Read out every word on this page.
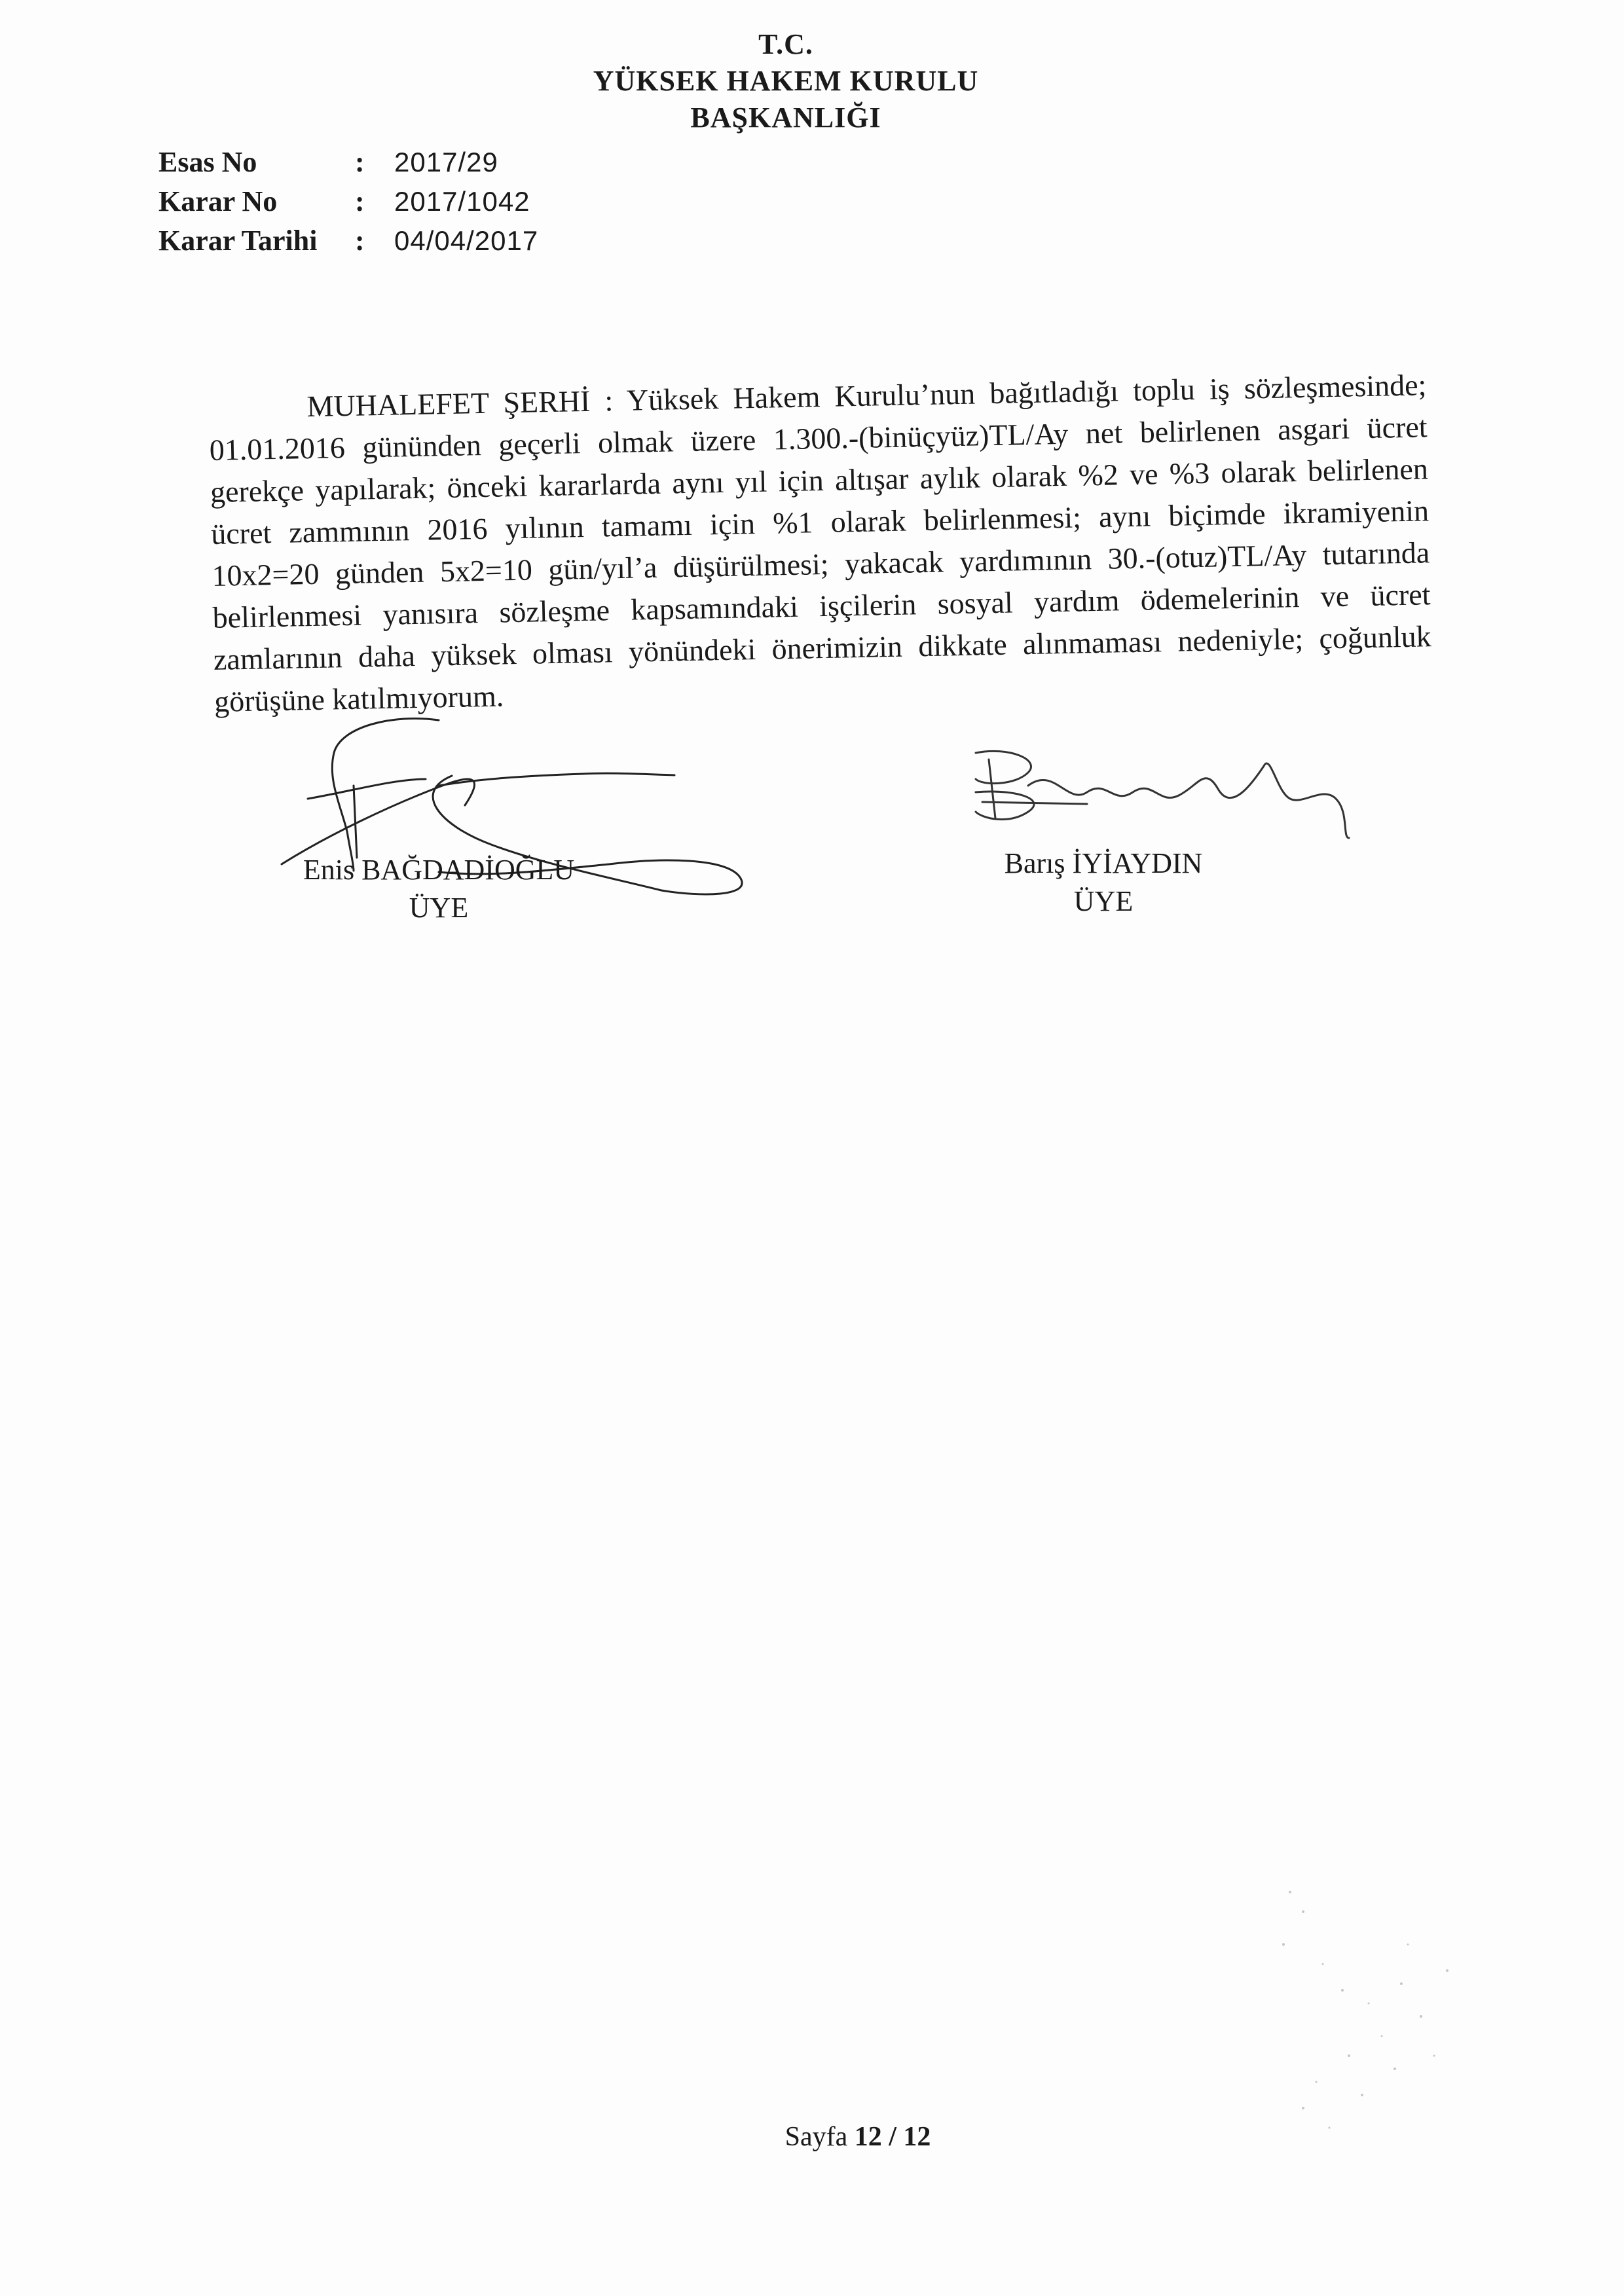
T.C.
YÜKSEK HAKEM KURULU
BAŞKANLIĞI
Esas No	:	2017/29
Karar No	:	2017/1042
Karar Tarihi	:	04/04/2017

MUHALEFET ŞERHİ : Yüksek Hakem Kurulu’nun bağıtladığı toplu iş sözleşmesinde; 01.01.2016 gününden geçerli olmak üzere 1.300.-(binüçyüz)TL/Ay net belirlenen asgari ücret gerekçe yapılarak; önceki kararlarda aynı yıl için altışar aylık olarak %2 ve %3 olarak belirlenen ücret zammının 2016 yılının tamamı için %1 olarak belirlenmesi; aynı biçimde ikramiyenin 10x2=20 günden 5x2=10 gün/yıl’a düşürülmesi; yakacak yardımının 30.-(otuz)TL/Ay tutarında belirlenmesi yanısıra sözleşme kapsamındaki işçilerin sosyal yardım ödemelerinin ve ücret zamlarının daha yüksek olması yönündeki önerimizin dikkate alınmaması nedeniyle; çoğunluk görüşüne katılmıyorum.

Enis BAĞDADİOĞLU
ÜYE
Barış İYİAYDIN
ÜYE
Sayfa 12 / 12
